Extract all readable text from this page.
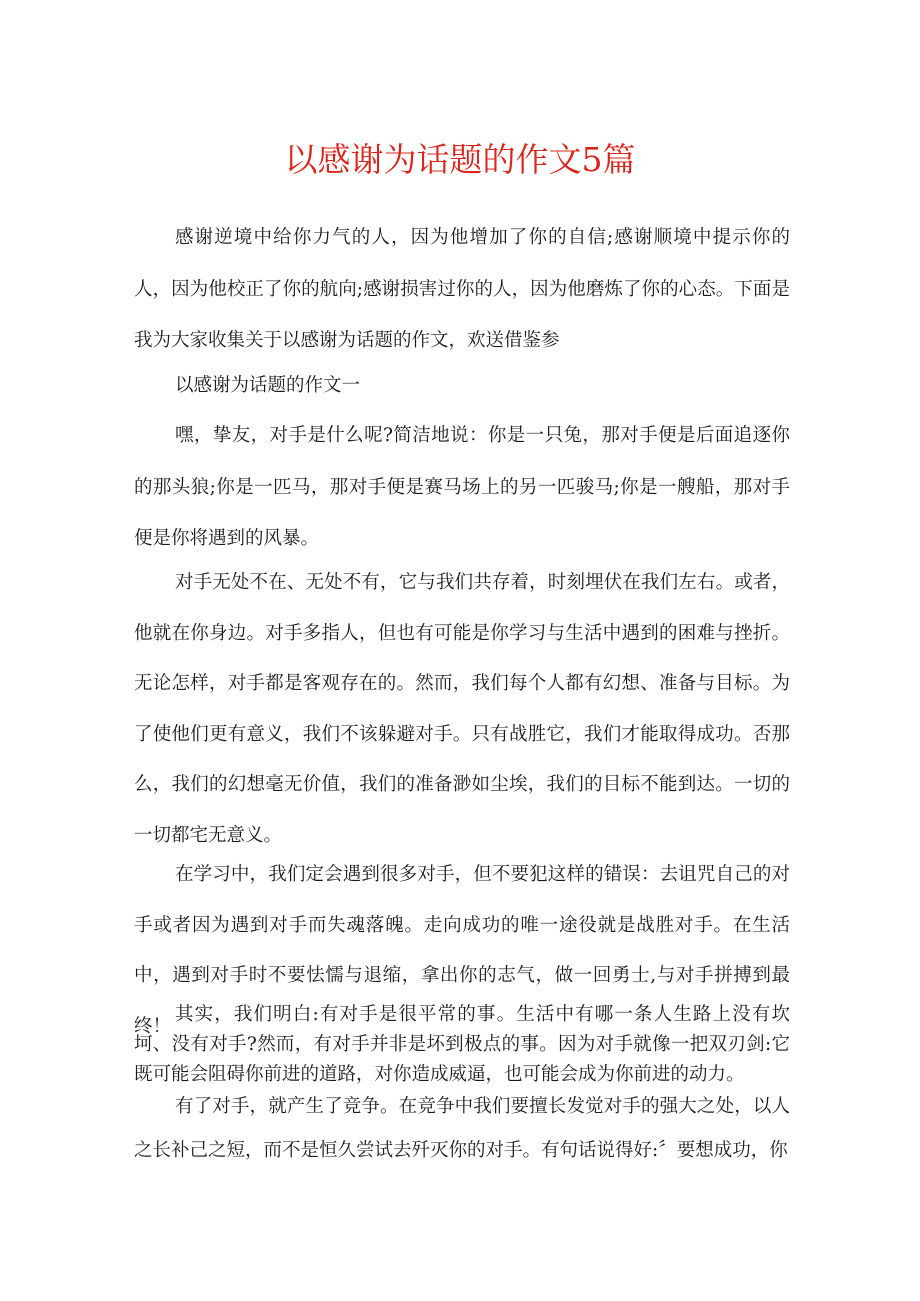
以感谢为话题的作文5篇

感谢逆境中给你力气的人，因为他增加了你的自信;感谢顺境中提示你的人，因为他校正了你的航向;感谢损害过你的人，因为他磨炼了你的心态。下面是我为大家收集关于以感谢为话题的作文，欢送借鉴参

以感谢为话题的作文一

嘿，挚友，对手是什么呢?简洁地说：你是一只兔，那对手便是后面追逐你的那头狼;你是一匹马，那对手便是赛马场上的另一匹骏马;你是一艘船，那对手便是你将遇到的风暴。

对手无处不在、无处不有，它与我们共存着，时刻埋伏在我们左右。或者，他就在你身边。对手多指人，但也有可能是你学习与生活中遇到的困难与挫折。无论怎样，对手都是客观存在的。然而，我们每个人都有幻想、准备与目标。为了使他们更有意义，我们不该躲避对手。只有战胜它，我们才能取得成功。否那么，我们的幻想毫无价值，我们的准备渺如尘埃，我们的目标不能到达。一切的一切都宅无意义。

在学习中，我们定会遇到很多对手，但不要犯这样的错误：去诅咒自己的对手或者因为遇到对手而失魂落魄。走向成功的唯一途役就是战胜对手。在生活中，遇到对手时不要怯懦与退缩，拿出你的志气，做一回勇士,与对手拼搏到最终！

其实，我们明白:有对手是很平常的事。生活中有哪一条人生路上没有坎坷、没有对手?然而，有对手并非是坏到极点的事。因为对手就像一把双刃剑:它既可能会阻碍你前进的道路，对你造成威逼，也可能会成为你前进的动力。

有了对手，就产生了竞争。在竞争中我们要擅长发觉对手的强大之处，以人之长补己之短，而不是恒久尝试去歼灭你的对手。有句话说得好:〞要想成功，你
